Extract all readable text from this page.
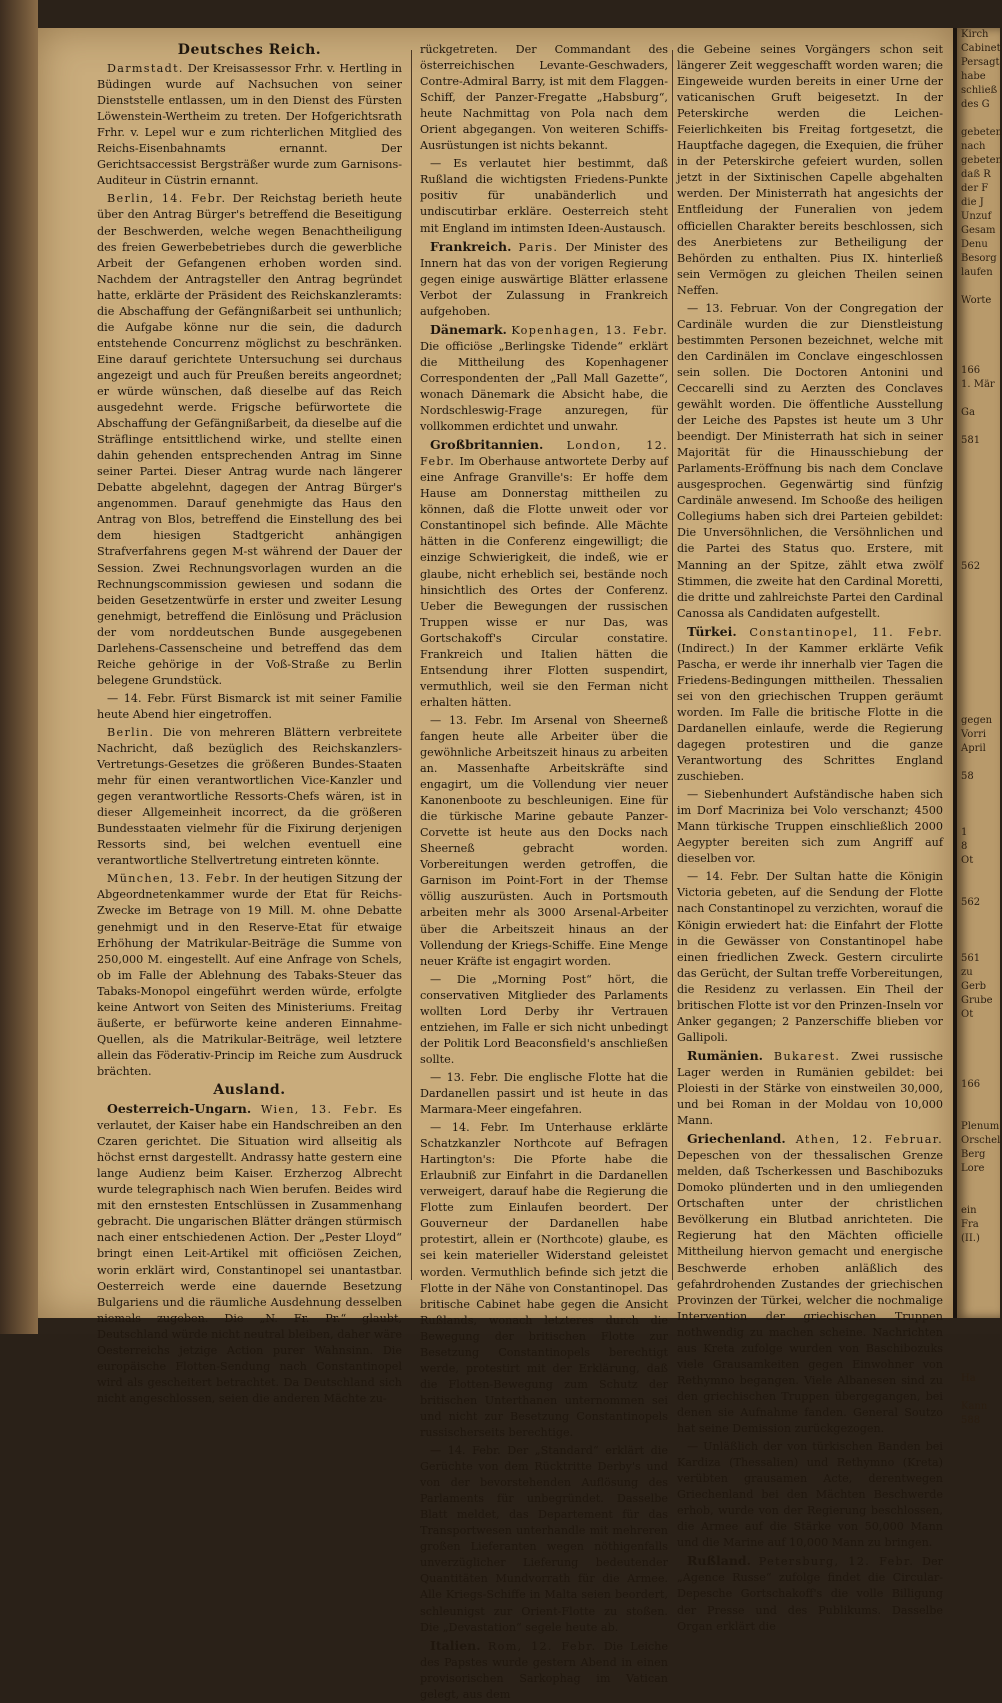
Kirch
Cabinet
Persagt
habe
schließ
des G
gebeten
nach
gebeten
daß R
der F
die J
Unzuf
Gesam
Denu
Besorg
laufen
Worte
166
1. Mär
Ga
581
562
gegen
Vorri
April
58
1
8
Ot
562
561
zu
Gerb
Grube
Ot
166
Plenum
Orschel
Berg
Lore
ein
Fra
(II.)
Ha
Kann
588
Deutsches Reich.

Darmstadt. Der Kreisassessor Frhr. v. Hertling in Büdingen wurde auf Nachsuchen von seiner Dienststelle entlassen, um in den Dienst des Fürsten Löwenstein-Wertheim zu treten. Der Hofgerichtsrath Frhr. v. Lepel wur e zum richterlichen Mitglied des Reichs-Eisenbahnamts ernannt. Der Gerichtsaccessist Bergsträßer wurde zum Garnisons-Auditeur in Cüstrin ernannt.

Berlin, 14. Febr. Der Reichstag berieth heute über den Antrag Bürger's betreffend die Beseitigung der Beschwerden, welche wegen Benachtheiligung des freien Gewerbebetriebes durch die gewerbliche Arbeit der Gefangenen erhoben worden sind. Nachdem der Antragsteller den Antrag begründet hatte, erklärte der Präsident des Reichskanzleramts: die Abschaffung der Gefängnißarbeit sei unthunlich; die Aufgabe könne nur die sein, die dadurch entstehende Concurrenz möglichst zu beschränken. Eine darauf gerichtete Untersuchung sei durchaus angezeigt und auch für Preußen bereits angeordnet; er würde wünschen, daß dieselbe auf das Reich ausgedehnt werde. Frigsche befürwortete die Abschaffung der Gefängnißarbeit, da dieselbe auf die Sträflinge entsittlichend wirke, und stellte einen dahin gehenden entsprechenden Antrag im Sinne seiner Partei. Dieser Antrag wurde nach längerer Debatte abgelehnt, dagegen der Antrag Bürger's angenommen. Darauf genehmigte das Haus den Antrag von Blos, betreffend die Einstellung des bei dem hiesigen Stadtgericht anhängigen Strafverfahrens gegen M-st während der Dauer der Session. Zwei Rechnungsvorlagen wurden an die Rechnungscommission gewiesen und sodann die beiden Gesetzentwürfe in erster und zweiter Lesung genehmigt, betreffend die Einlösung und Präclusion der vom norddeutschen Bunde ausgegebenen Darlehens-Cassenscheine und betreffend das dem Reiche gehörige in der Voß-Straße zu Berlin belegene Grundstück.

— 14. Febr. Fürst Bismarck ist mit seiner Familie heute Abend hier eingetroffen.

Berlin. Die von mehreren Blättern verbreitete Nachricht, daß bezüglich des Reichskanzlers-Vertretungs-Gesetzes die größeren Bundes-Staaten mehr für einen verantwortlichen Vice-Kanzler und gegen verantwortliche Ressorts-Chefs wären, ist in dieser Allgemeinheit incorrect, da die größeren Bundesstaaten vielmehr für die Fixirung derjenigen Ressorts sind, bei welchen eventuell eine verantwortliche Stellvertretung eintreten könnte.

München, 13. Febr. In der heutigen Sitzung der Abgeordnetenkammer wurde der Etat für Reichs-Zwecke im Betrage von 19 Mill. M. ohne Debatte genehmigt und in den Reserve-Etat für etwaige Erhöhung der Matrikular-Beiträge die Summe von 250,000 M. eingestellt. Auf eine Anfrage von Schels, ob im Falle der Ablehnung des Tabaks-Steuer das Tabaks-Monopol eingeführt werden würde, erfolgte keine Antwort von Seiten des Ministeriums. Freitag äußerte, er befürworte keine anderen Einnahme-Quellen, als die Matrikular-Beiträge, weil letztere allein das Föderativ-Princip im Reiche zum Ausdruck brächten.

Ausland.

Oesterreich-Ungarn. Wien, 13. Febr. Es verlautet, der Kaiser habe ein Handschreiben an den Czaren gerichtet. Die Situation wird allseitig als höchst ernst dargestellt. Andrassy hatte gestern eine lange Audienz beim Kaiser. Erzherzog Albrecht wurde telegraphisch nach Wien berufen. Beides wird mit den ernstesten Entschlüssen in Zusammenhang gebracht. Die ungarischen Blätter drängen stürmisch nach einer entschiedenen Action. Der „Pester Lloyd“ bringt einen Leit-Artikel mit officiösen Zeichen, worin erklärt wird, Constantinopel sei unantastbar. Oesterreich werde eine dauernde Besetzung Bulgariens und die räumliche Ausdehnung desselben niemals zugeben. Die „N. Fr. Pr.“ glaubt, Deutschland würde nicht neutral bleiben, daher wäre Oesterreichs jetzige Action purer Wahnsinn. Die europäische Flotten-Sendung nach Constantinopel wird als gescheitert betrachtet. Da Deutschland sich nicht angeschlossen, seien die anderen Mächte zu-

rückgetreten. Der Commandant des österreichischen Levante-Geschwaders, Contre-Admiral Barry, ist mit dem Flaggen-Schiff, der Panzer-Fregatte „Habsburg“, heute Nachmittag von Pola nach dem Orient abgegangen. Von weiteren Schiffs-Ausrüstungen ist nichts bekannt.

— Es verlautet hier bestimmt, daß Rußland die wichtigsten Friedens-Punkte positiv für unabänderlich und undiscutirbar erkläre. Oesterreich steht mit England im intimsten Ideen-Austausch.

Frankreich. Paris. Der Minister des Innern hat das von der vorigen Regierung gegen einige auswärtige Blätter erlassene Verbot der Zulassung in Frankreich aufgehoben.

Dänemark. Kopenhagen, 13. Febr. Die officiöse „Berlingske Tidende“ erklärt die Mittheilung des Kopenhagener Correspondenten der „Pall Mall Gazette“, wonach Dänemark die Absicht habe, die Nordschleswig-Frage anzuregen, für vollkommen erdichtet und unwahr.

Großbritannien. London, 12. Febr. Im Oberhause antwortete Derby auf eine Anfrage Granville's: Er hoffe dem Hause am Donnerstag mittheilen zu können, daß die Flotte unweit oder vor Constantinopel sich befinde. Alle Mächte hätten in die Conferenz eingewilligt; die einzige Schwierigkeit, die indeß, wie er glaube, nicht erheblich sei, bestände noch hinsichtlich des Ortes der Conferenz. Ueber die Bewegungen der russischen Truppen wisse er nur Das, was Gortschakoff's Circular constatire. Frankreich und Italien hätten die Entsendung ihrer Flotten suspendirt, vermuthlich, weil sie den Ferman nicht erhalten hätten.

— 13. Febr. Im Arsenal von Sheerneß fangen heute alle Arbeiter über die gewöhnliche Arbeitszeit hinaus zu arbeiten an. Massenhafte Arbeitskräfte sind engagirt, um die Vollendung vier neuer Kanonenboote zu beschleunigen. Eine für die türkische Marine gebaute Panzer-Corvette ist heute aus den Docks nach Sheerneß gebracht worden. Vorbereitungen werden getroffen, die Garnison im Point-Fort in der Themse völlig auszurüsten. Auch in Portsmouth arbeiten mehr als 3000 Arsenal-Arbeiter über die Arbeitszeit hinaus an der Vollendung der Kriegs-Schiffe. Eine Menge neuer Kräfte ist engagirt worden.

— Die „Morning Post“ hört, die conservativen Mitglieder des Parlaments wollten Lord Derby ihr Vertrauen entziehen, im Falle er sich nicht unbedingt der Politik Lord Beaconsfield's anschließen sollte.

— 13. Febr. Die englische Flotte hat die Dardanellen passirt und ist heute in das Marmara-Meer eingefahren.

— 14. Febr. Im Unterhause erklärte Schatzkanzler Northcote auf Befragen Hartington's: Die Pforte habe die Erlaubniß zur Einfahrt in die Dardanellen verweigert, darauf habe die Regierung die Flotte zum Einlaufen beordert. Der Gouverneur der Dardanellen habe protestirt, allein er (Northcote) glaube, es sei kein materieller Widerstand geleistet worden. Vermuthlich befinde sich jetzt die Flotte in der Nähe von Constantinopel. Das britische Cabinet habe gegen die Ansicht Rußlands, wonach letzteres durch die Bewegung der britischen Flotte zur Besetzung Constantinopels berechtigt werde, protestirt mit der Erklärung, daß die Flotten-Bewegung zum Schutz der britischen Unterthanen unternommen sei und nicht zur Besetzung Constantinopels russischerseits berechtige.

— 14. Febr. Der „Standard“ erklärt die Gerüchte von dem Rücktritte Derby's und von der bevorstehenden Auflösung des Parlaments für unbegründet. Dasselbe Blatt meldet, das Departement für das Transportwesen unterhandle mit mehreren großen Lieferanten wegen nöthigenfalls unverzüglicher Lieferung bedeutender Quantitäten Mundvorrath für die Armee. Alle Kriegs-Schiffe in Malta seien beordert, schleunigst zur Orient-Flotte zu stoßen. Die „Devastation“ segele heute ab.

Italien. Rom, 12. Febr. Die Leiche des Papstes wurde gestern Abend in einen provisorischen Sarkophag im Vatican gelegt, aus dem

die Gebeine seines Vorgängers schon seit längerer Zeit weggeschafft worden waren; die Eingeweide wurden bereits in einer Urne der vaticanischen Gruft beigesetzt. In der Peterskirche werden die Leichen-Feierlichkeiten bis Freitag fortgesetzt, die Hauptfache dagegen, die Exequien, die früher in der Peterskirche gefeiert wurden, sollen jetzt in der Sixtinischen Capelle abgehalten werden. Der Ministerrath hat angesichts der Entfleidung der Funeralien von jedem officiellen Charakter bereits beschlossen, sich des Anerbietens zur Betheiligung der Behörden zu enthalten. Pius IX. hinterließ sein Vermögen zu gleichen Theilen seinen Neffen.

— 13. Februar. Von der Congregation der Cardinäle wurden die zur Dienstleistung bestimmten Personen bezeichnet, welche mit den Cardinälen im Conclave eingeschlossen sein sollen. Die Doctoren Antonini und Ceccarelli sind zu Aerzten des Conclaves gewählt worden. Die öffentliche Ausstellung der Leiche des Papstes ist heute um 3 Uhr beendigt. Der Ministerrath hat sich in seiner Majorität für die Hinausschiebung der Parlaments-Eröffnung bis nach dem Conclave ausgesprochen. Gegenwärtig sind fünfzig Cardinäle anwesend. Im Schooße des heiligen Collegiums haben sich drei Parteien gebildet: Die Unversöhnlichen, die Versöhnlichen und die Partei des Status quo. Erstere, mit Manning an der Spitze, zählt etwa zwölf Stimmen, die zweite hat den Cardinal Moretti, die dritte und zahlreichste Partei den Cardinal Canossa als Candidaten aufgestellt.

Türkei. Constantinopel, 11. Febr. (Indirect.) In der Kammer erklärte Vefik Pascha, er werde ihr innerhalb vier Tagen die Friedens-Bedingungen mittheilen. Thessalien sei von den griechischen Truppen geräumt worden. Im Falle die britische Flotte in die Dardanellen einlaufe, werde die Regierung dagegen protestiren und die ganze Verantwortung des Schrittes England zuschieben.

— Siebenhundert Aufständische haben sich im Dorf Macriniza bei Volo verschanzt; 4500 Mann türkische Truppen einschließlich 2000 Aegypter bereiten sich zum Angriff auf dieselben vor.

— 14. Febr. Der Sultan hatte die Königin Victoria gebeten, auf die Sendung der Flotte nach Constantinopel zu verzichten, worauf die Königin erwiedert hat: die Einfahrt der Flotte in die Gewässer von Constantinopel habe einen friedlichen Zweck. Gestern circulirte das Gerücht, der Sultan treffe Vorbereitungen, die Residenz zu verlassen. Ein Theil der britischen Flotte ist vor den Prinzen-Inseln vor Anker gegangen; 2 Panzerschiffe blieben vor Gallipoli.

Rumänien. Bukarest. Zwei russische Lager werden in Rumänien gebildet: bei Ploiesti in der Stärke von einstweilen 30,000, und bei Roman in der Moldau von 10,000 Mann.

Griechenland. Athen, 12. Februar. Depeschen von der thessalischen Grenze melden, daß Tscherkessen und Baschibozuks Domoko plünderten und in den umliegenden Ortschaften unter der christlichen Bevölkerung ein Blutbad anrichteten. Die Regierung hat den Mächten officielle Mittheilung hiervon gemacht und energische Beschwerde erhoben anläßlich des gefahrdrohenden Zustandes der griechischen Provinzen der Türkei, welcher die nochmalige Intervention der griechischen Truppen nothwendig zu machen scheine. Nachrichten aus Kreta zufolge wurden von Baschibozuks viele Grausamkeiten gegen Einwohner von Rethymno begangen. Viele Albanesen sind zu den griechischen Truppen übergegangen, bei denen sie Aufnahme fanden. General Soutzo hat seine Demission zurückgezogen.

— Unläßlich der von türkischen Banden bei Kardiza (Thessalien) und Rethymno (Kreta) verübten grausamen Acte, derentwegen Griechenland bei den Mächten Beschwerde erhob, wurde von der Regierung beschlossen, die Armee auf die Stärke von 50,000 Mann und die Marine auf 10,000 Mann zu bringen.

Rußland. Petersburg, 12. Febr. Der „Agence Russe“ zufolge findet die Circular-Depesche Gortschakoff's die volle Billigung der Presse und des Publikums. Dasselbe Organ erklärt die
